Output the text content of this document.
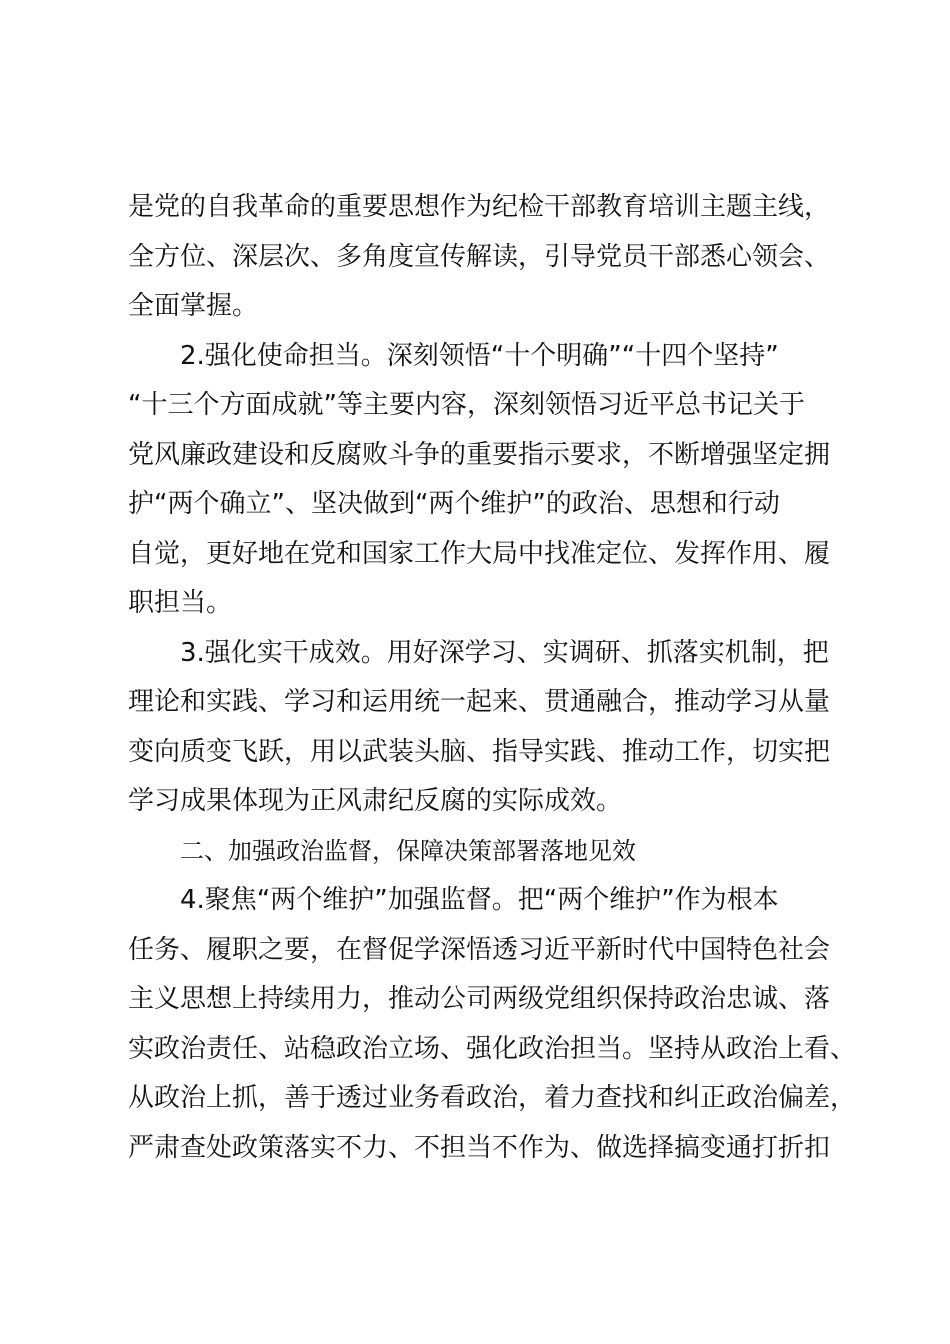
是党的自我革命的重要思想作为纪检干部教育培训主题主线，
全方位、深层次、多角度宣传解读，引导党员干部悉心领会、
全面掌握。
2.强化使命担当。深刻领悟“十个明确”“十四个坚持”
“十三个方面成就”等主要内容，深刻领悟习近平总书记关于
党风廉政建设和反腐败斗争的重要指示要求，不断增强坚定拥
护“两个确立”、坚决做到“两个维护”的政治、思想和行动
自觉，更好地在党和国家工作大局中找准定位、发挥作用、履
职担当。
3.强化实干成效。用好深学习、实调研、抓落实机制，把
理论和实践、学习和运用统一起来、贯通融合，推动学习从量
变向质变飞跃，用以武装头脑、指导实践、推动工作，切实把
学习成果体现为正风肃纪反腐的实际成效。
二、加强政治监督，保障决策部署落地见效
4.聚焦“两个维护”加强监督。把“两个维护”作为根本
任务、履职之要，在督促学深悟透习近平新时代中国特色社会
主义思想上持续用力，推动公司两级党组织保持政治忠诚、落
实政治责任、站稳政治立场、强化政治担当。坚持从政治上看、
从政治上抓，善于透过业务看政治，着力查找和纠正政治偏差，
严肃查处政策落实不力、不担当不作为、做选择搞变通打折扣
